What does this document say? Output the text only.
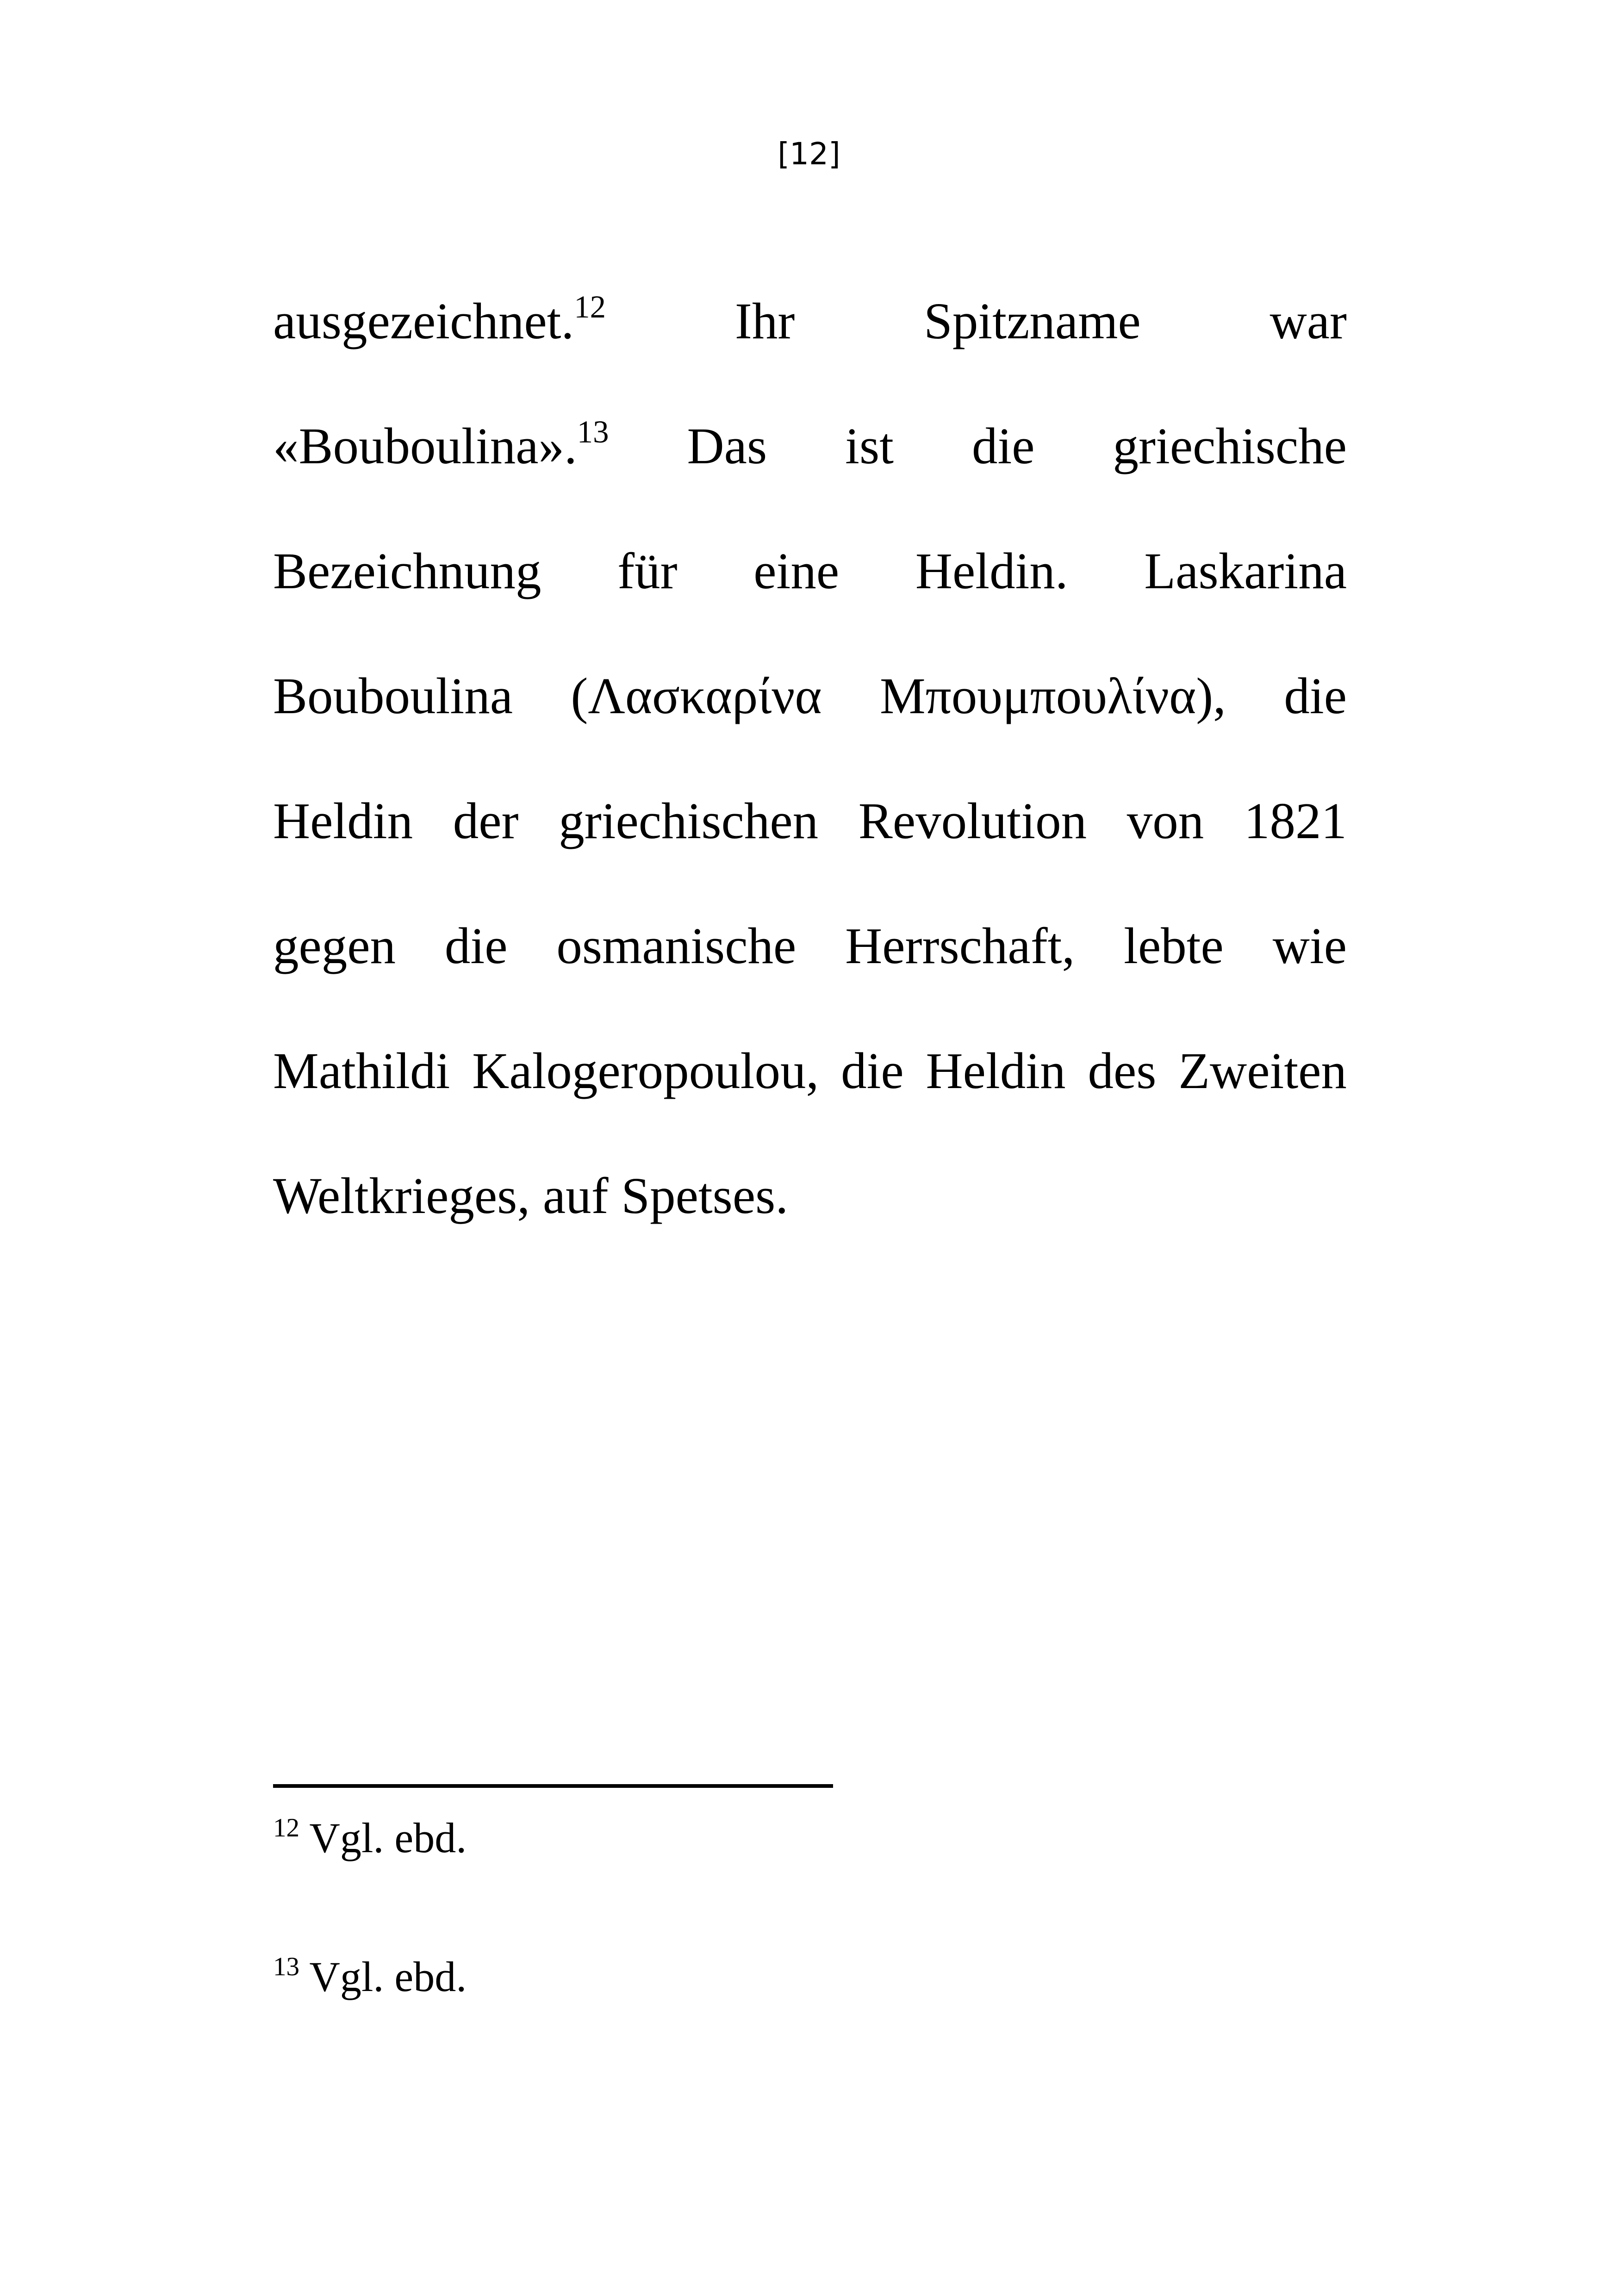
[12]
ausgezeichnet.$^{12}$	Ihr	Spitzname	war
«Bouboulina».$^{13}$ Das ist die griechische
Bezeichnung für eine Heldin. Laskarina
Bouboulina (Λασκαρίνα Μπουμπουλίνα), die
Heldin der griechischen Revolution von 1821
gegen die osmanische Herrschaft, lebte wie
Mathildi Kalogeropoulou, die Heldin des Zweiten
Weltkrieges, auf Spetses.
$^{12}$ Vgl. ebd.
$^{13}$ Vgl. ebd.
